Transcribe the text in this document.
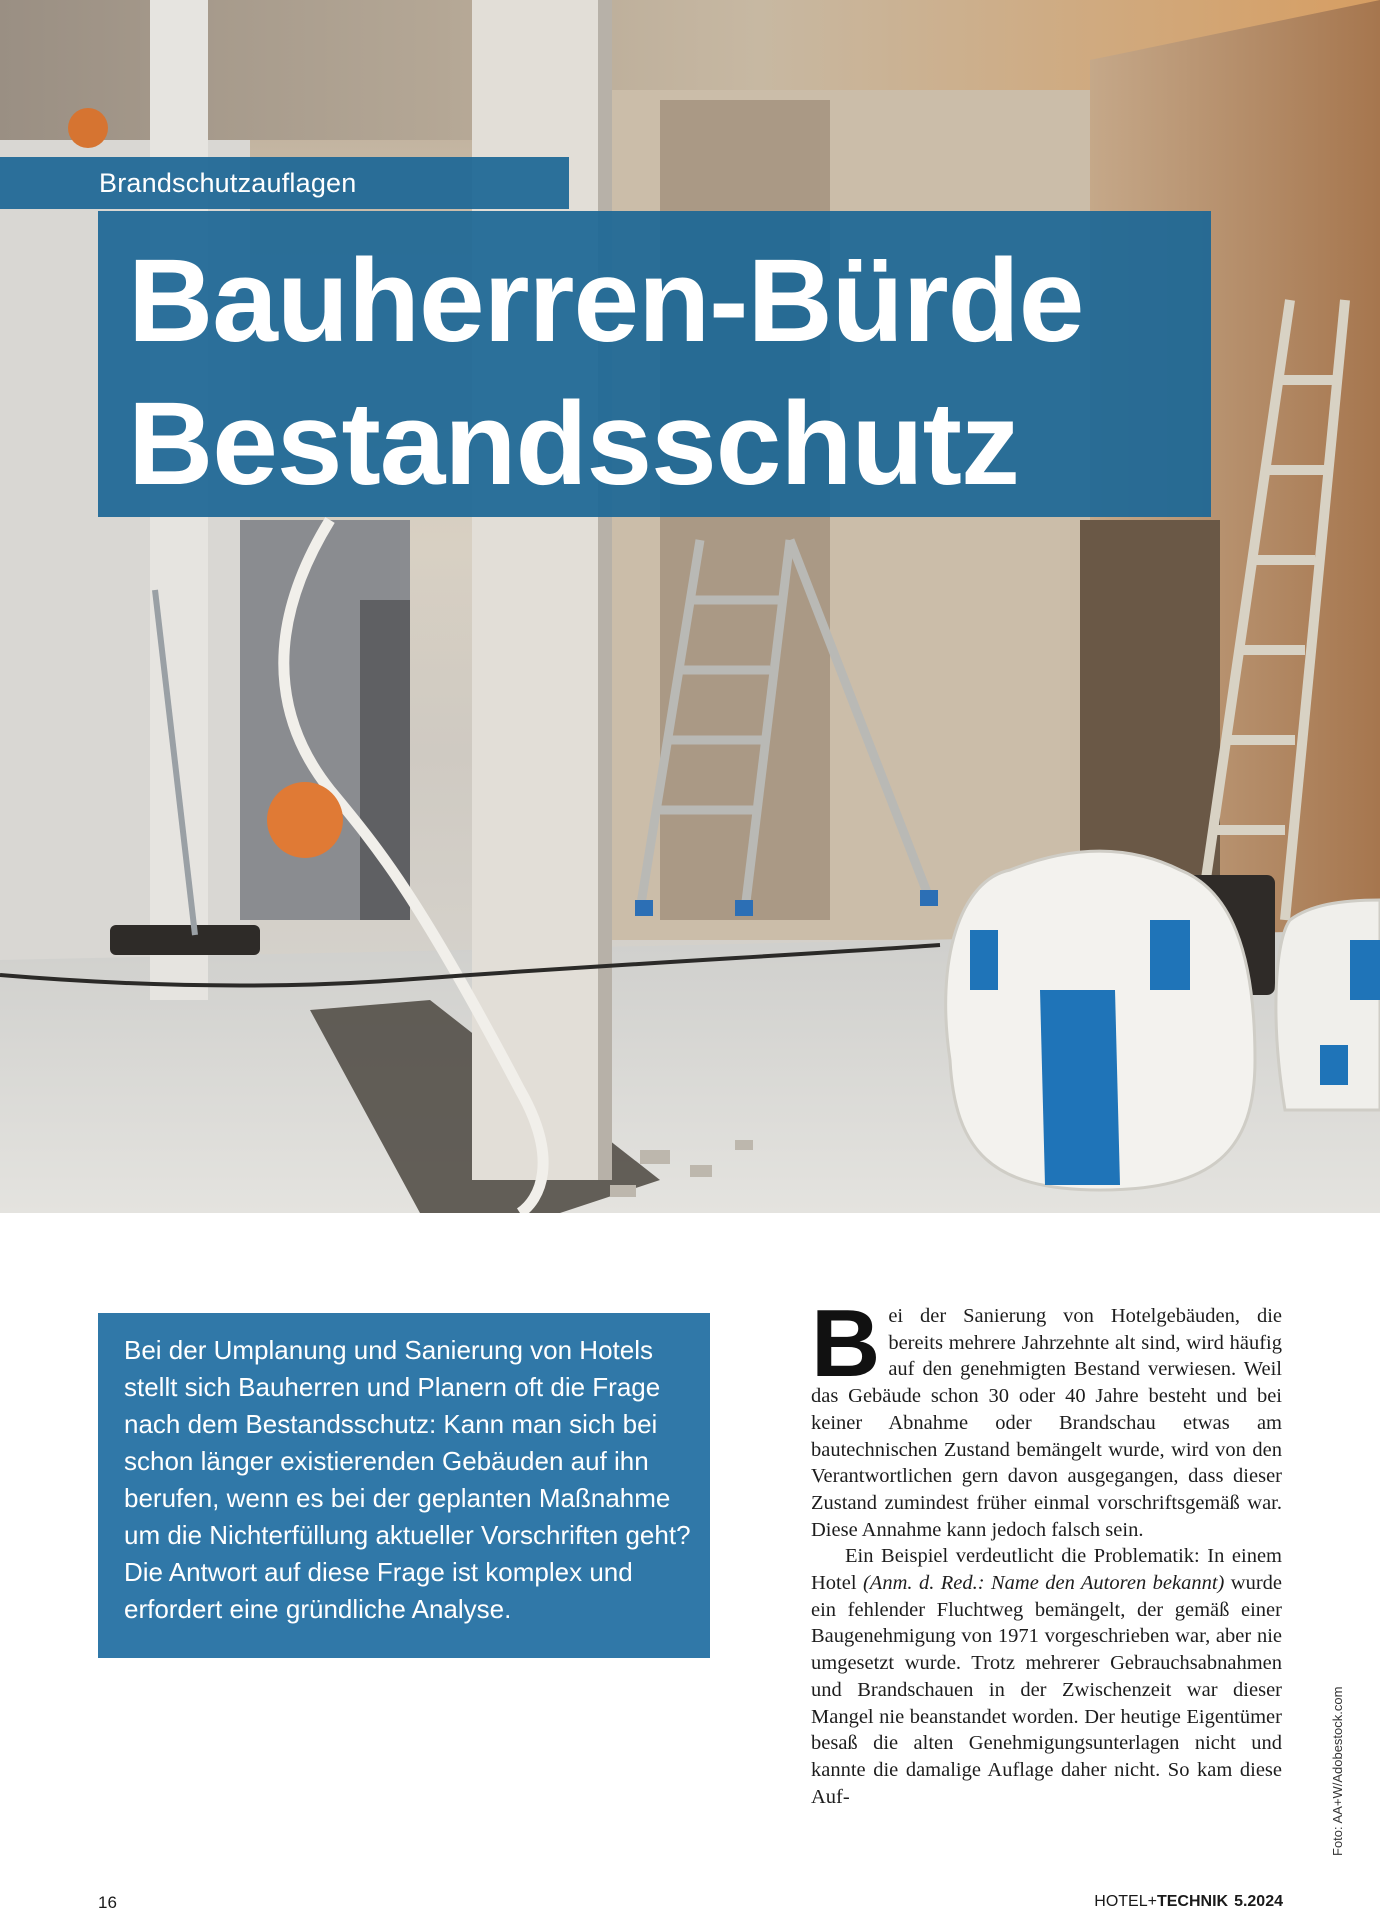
Brandschutzauflagen
Bauherren-Bürde
Bestandsschutz

Bei der Umplanung und Sanierung von Hotels stellt sich Bauherren und Planern oft die Frage nach dem Bestandsschutz: Kann man sich bei schon länger existierenden Gebäuden auf ihn berufen, wenn es bei der geplanten Maßnahme um die Nichterfüllung aktueller Vorschriften geht? Die Antwort auf diese Frage ist komplex und erfordert eine gründliche Analyse.

Bei der Sanierung von Hotelgebäuden, die bereits mehrere Jahrzehnte alt sind, wird häufig auf den genehmigten Bestand verwiesen. Weil das Gebäude schon 30 oder 40 Jahre besteht und bei keiner Abnahme oder Brandschau etwas am bautechnischen Zustand bemängelt wurde, wird von den Verantwortlichen gern davon ausgegangen, dass dieser Zustand zumindest früher einmal vorschriftsgemäß war. Diese Annahme kann jedoch falsch sein.

Ein Beispiel verdeutlicht die Problematik: In einem Hotel (Anm. d. Red.: Name den Autoren bekannt) wurde ein fehlender Fluchtweg bemängelt, der gemäß einer Baugenehmigung von 1971 vorgeschrieben war, aber nie umgesetzt wurde. Trotz mehrerer Gebrauchsabnahmen und Brandschauen in der Zwischenzeit war dieser Mangel nie beanstandet worden. Der heutige Eigentümer besaß die alten Genehmigungsunterlagen nicht und kannte die damalige Auflage daher nicht. So kam diese Auf-	Foto: AA+W/Adobestock.com
16	HOTEL+TECHNIK 5.2024
